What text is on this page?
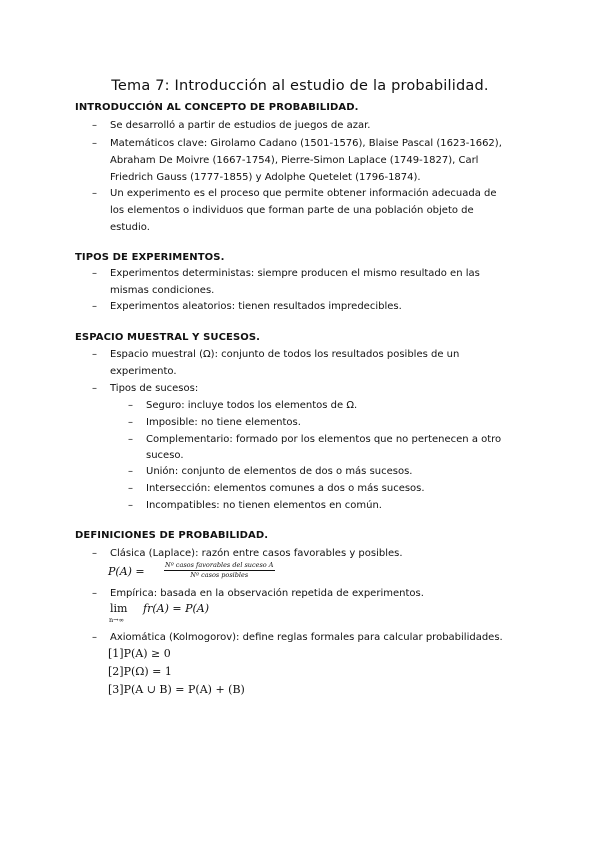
Tema 7: Introducción al estudio de la probabilidad.
INTRODUCCIÓN AL CONCEPTO DE PROBABILIDAD.
– Se desarrolló a partir de estudios de juegos de azar.
– Matemáticos clave: Girolamo Cadano (1501-1576), Blaise Pascal (1623-1662),
Abraham De Moivre (1667-1754), Pierre-Simon Laplace (1749-1827), Carl
Friedrich Gauss (1777-1855) y Adolphe Quetelet (1796-1874).
– Un experimento es el proceso que permite obtener información adecuada de
los elementos o individuos que forman parte de una población objeto de
estudio.
TIPOS DE EXPERIMENTOS.
– Experimentos deterministas: siempre producen el mismo resultado en las
mismas condiciones.
– Experimentos aleatorios: tienen resultados impredecibles.
ESPACIO MUESTRAL Y SUCESOS.
– Espacio muestral (Ω): conjunto de todos los resultados posibles de un
experimento.
– Tipos de sucesos:
– Seguro: incluye todos los elementos de Ω.
– Imposible: no tiene elementos.
– Complementario: formado por los elementos que no pertenecen a otro
suceso.
– Unión: conjunto de elementos de dos o más sucesos.
– Intersección: elementos comunes a dos o más sucesos.
– Incompatibles: no tienen elementos en común.
DEFINICIONES DE PROBABILIDAD.
– Clásica (Laplace): razón entre casos favorables y posibles.
P(A) =	Nº casos favorables del suceso A
Nº casos posibles
– Empírica: basada en la observación repetida de experimentos.
lim
n→∞
fr(A) = P(A)
– Axiomática (Kolmogorov): define reglas formales para calcular probabilidades.
[1]P(A) ≥ 0
[2]P(Ω) = 1
[3]P(A ∪ B) = P(A) + (B)
